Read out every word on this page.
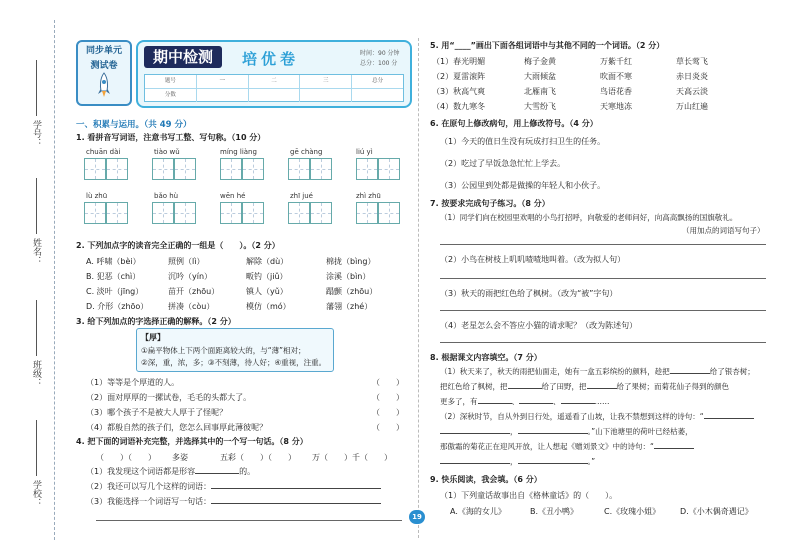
学号：
姓名：
班级：
学校：
同步单元
测试卷	期中检测	培优卷	时间：90 分钟
总分：100 分
题号	一	二	三	总分
分数
一、积累与运用。（共 49 分）
1. 看拼音写词语，注意书写工整、写句称。（10 分）
chuān dài	tiào wǔ	míng liàng	gē chàng	liú yì
lù zhū	bǎo hù	wēn hé	zhī jué	zhì zhū
2. 下列加点字的读音完全正确的一组是（　　）。（2 分）
A. 呼啸（bèi）	照例（lì）	解除（dù）	棉拢（bìng）
B. 犯恶（chì）	沉吟（yín）	畈钓（jiǔ）	涂溪（bìn）
C. 淡叶（jīng）	苗开（zhōu）	镇人（yǔ）	蹋颤（zhōu）
D. 介形（zhōo） 拼凑（còu）	模仿（mó）	藩翎（zhé）
3. 给下列加点的字选择正确的解释。（2 分）
【厚】
①扁平物体上下两个面距离较大的，与“薄”相对；
②深，重，浓，多；③不刻薄，待人好；④重视，注重。
（1）等等是个厚道的人。	（　　）
（2）面对厚厚的一摞试卷，毛毛的头都大了。	（　　）
（3）哪个孩子不是被大人厚于了怪呢？	（　　）
（4）都般自然的孩子们，您怎么回事厚此薄彼呢？	（　　）
4. 把下面的词语补充完整，并选择其中的一个写一句话。（8 分）
（　　）（　　） 多姿	五彩（　　）（　　） 万（　　）千（　　）
（1）我发现这个词语都是形容	的。
（2）我还可以写几个这样的词语：
（3）我能选择一个词语写一句话：
19
5. 用“____”画出下面各组词语中与其他不同的一个词语。（2 分）
（1）春光明媚	梅子金黄	万紫千红	草长莺飞
（2）夏雷滚阵	大雨倾盆	吹面不寒	赤日炎炎
（3）秋高气爽	北雁南飞	鸟语花香	天高云淡
（4）数九寒冬	大雪纷飞	天寒地冻	万山红遍
6. 在原句上修改病句，用上修改符号。（4 分）
（1）今天的值日生没有玩成打扫卫生的任务。
（2）吃过了早饭急急忙忙上学去。
（3）公园里到处都是做操的年轻人和小伙子。
7. 按要求完成句子练习。（8 分）
（1）同学们向在校园里欢唱的小鸟打招呼，向敬爱的老师问好，向高高飘扬的国旗敬礼。
（用加点的词语写句子）
（2）小鸟在树枝上叽叽喳喳地叫着。（改为拟人句）
（3）秋天的雨把红色给了枫树。（改为“被”字句）
（4）老星怎么会不答应小猫的请求呢？（改为陈述句）
8. 根据课文内容填空。（7 分）
（1）秋天来了，秋天的雨把仙面走，她有一盒五彩缤纷的颜料，趁把	给了银杏树；
把红色给了枫树，把	给了田野，把	给了果树；而菊花仙子得到的颜色
更多了，有	、	、	……
（2）深秋时节，自从外到日行处，遥遥看了山坡，让我不禁想到这样的诗句：“
，	。”山下池塘里的荷叶已经枯萎，
那傲霜的菊花正在迎风开放，让人想起《赠刘景文》中的诗句：“
，	。”
9. 快乐阅读，我会填。（6 分）
（1）下列童话故事出自《格林童话》的（　　）。
A.《海的女儿》	B.《丑小鸭》	C.《玫瑰小姐》 D.《小木偶奇遇记》
